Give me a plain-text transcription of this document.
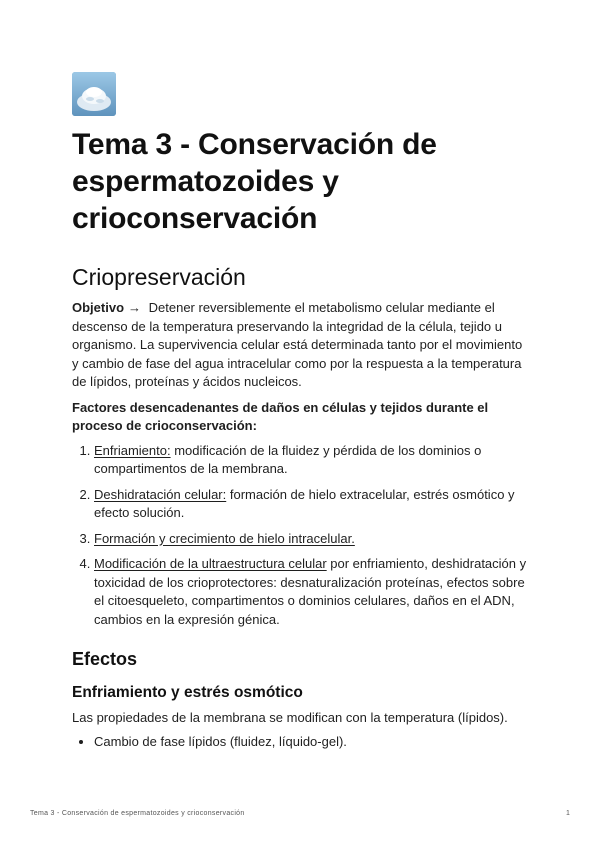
Tema 3 - Conservación de espermatozoides y crioconservación
Criopreservación

Objetivo → Detener reversiblemente el metabolismo celular mediante el descenso de la temperatura preservando la integridad de la célula, tejido u organismo. La supervivencia celular está determinada tanto por el movimiento y cambio de fase del agua intracelular como por la respuesta a la temperatura de lípidos, proteínas y ácidos nucleicos.

Factores desencadenantes de daños en células y tejidos durante el proceso de crioconservación:

1. Enfriamiento: modificación de la fluidez y pérdida de los dominios o compartimentos de la membrana.
2. Deshidratación celular: formación de hielo extracelular, estrés osmótico y efecto solución.
3. Formación y crecimiento de hielo intracelular.
4. Modificación de la ultraestructura celular por enfriamiento, deshidratación y toxicidad de los crioprotectores: desnaturalización proteínas, efectos sobre el citoesqueleto, compartimentos o dominios celulares, daños en el ADN, cambios en la expresión génica.
Efectos
Enfriamiento y estrés osmótico

Las propiedades de la membrana se modifican con la temperatura (lípidos).

• Cambio de fase lípidos (fluidez, líquido-gel).
Tema 3 - Conservación de espermatozoides y crioconservación	1
